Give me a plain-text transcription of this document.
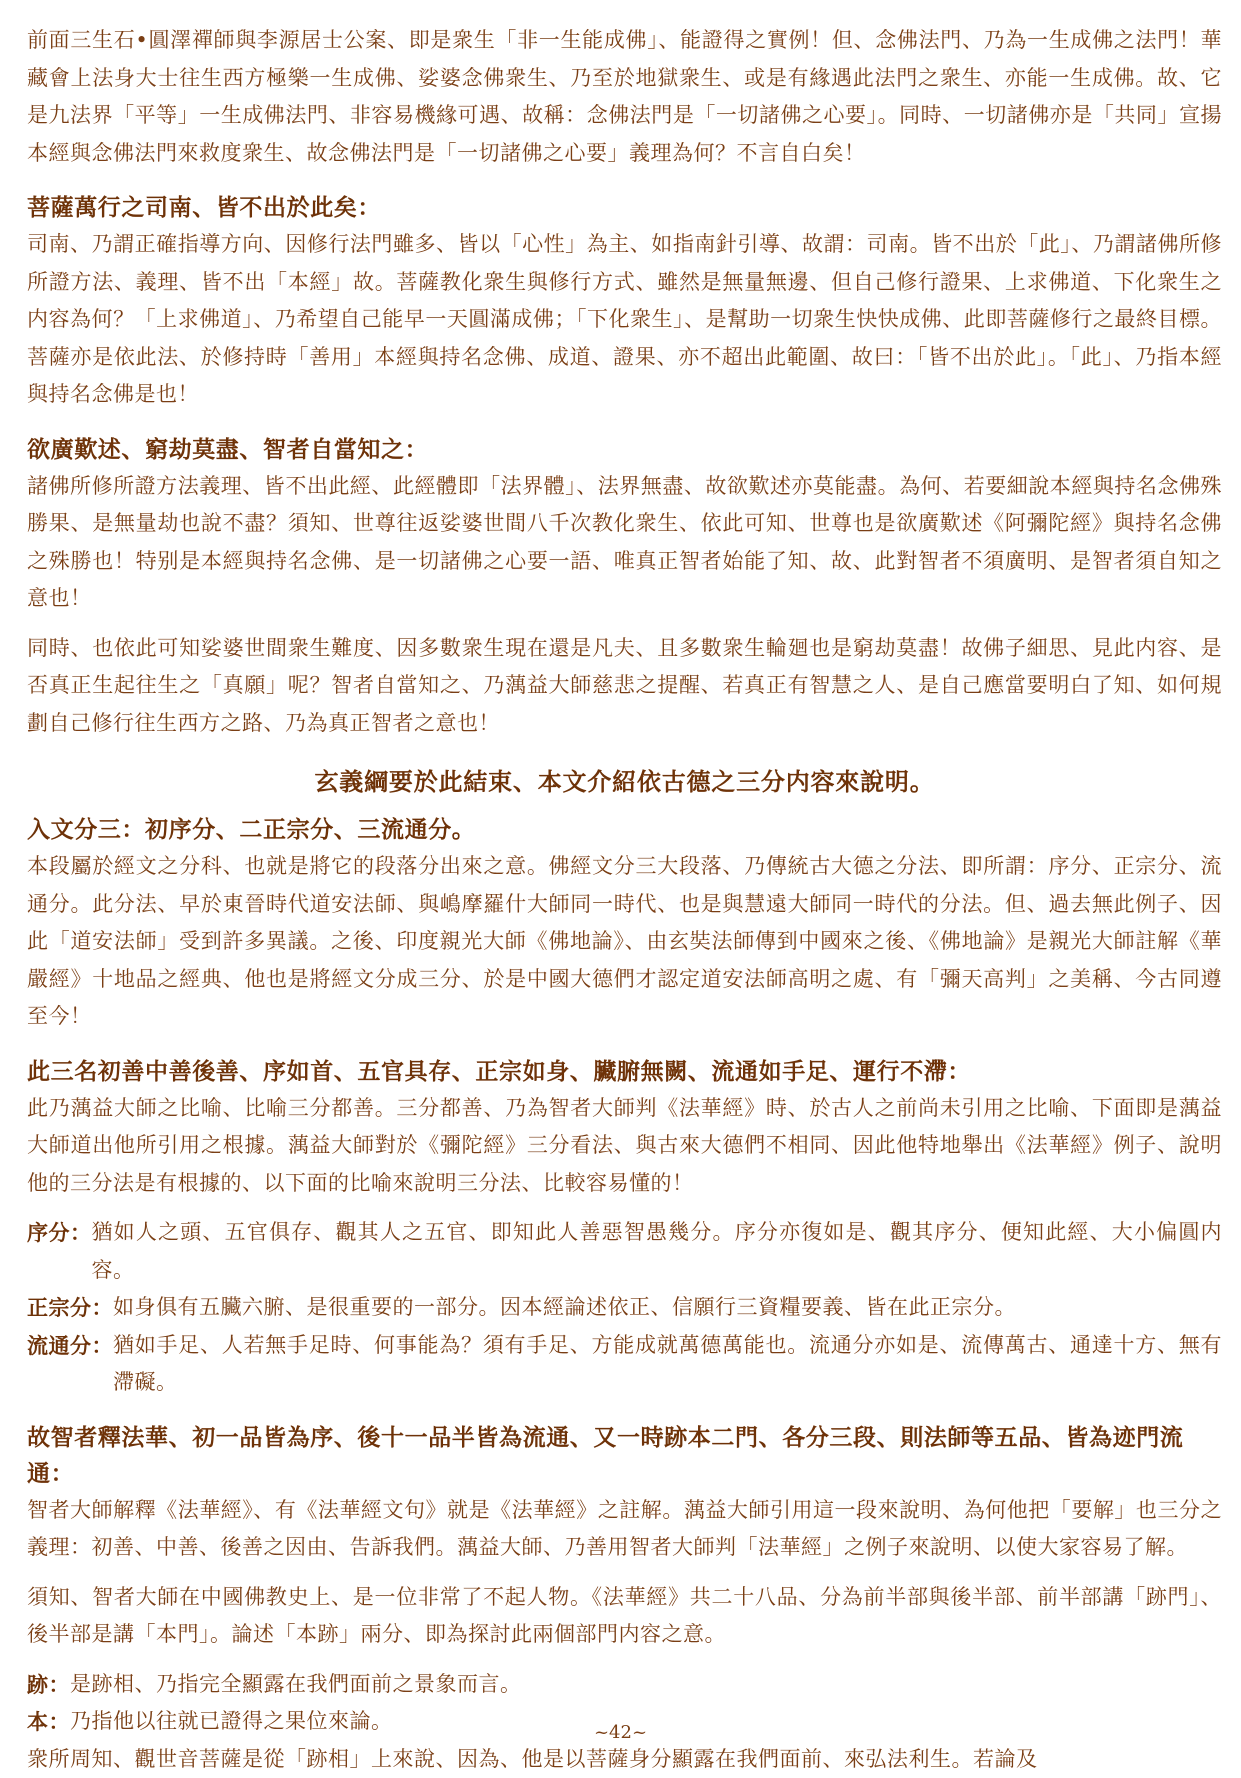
前面三生石•圓澤禪師與李源居士公案、即是衆生「非一生能成佛」、能證得之實例！但、念佛法門、乃為一生成佛之法門！華藏會上法身大士往生西方極樂一生成佛、娑婆念佛衆生、乃至於地獄衆生、或是有緣遇此法門之衆生、亦能一生成佛。故、它是九法界「平等」一生成佛法門、非容易機緣可遇、故稱：念佛法門是「一切諸佛之心要」。同時、一切諸佛亦是「共同」宣揚本經與念佛法門來救度衆生、故念佛法門是「一切諸佛之心要」義理為何？不言自白矣！

菩薩萬行之司南、皆不出於此矣：

司南、乃謂正確指導方向、因修行法門雖多、皆以「心性」為主、如指南針引導、故謂：司南。皆不出於「此」、乃謂諸佛所修所證方法、義理、皆不出「本經」故。菩薩教化衆生與修行方式、雖然是無量無邊、但自己修行證果、上求佛道、下化衆生之内容為何？「上求佛道」、乃希望自己能早一天圓滿成佛；「下化衆生」、是幫助一切衆生快快成佛、此即菩薩修行之最終目標。菩薩亦是依此法、於修持時「善用」本經與持名念佛、成道、證果、亦不超出此範圍、故曰：「皆不出於此」。「此」、乃指本經與持名念佛是也！

欲廣歎述、窮劫莫盡、智者自當知之：

諸佛所修所證方法義理、皆不出此經、此經體即「法界體」、法界無盡、故欲歎述亦莫能盡。為何、若要細說本經與持名念佛殊勝果、是無量劫也說不盡？須知、世尊往返娑婆世間八千次教化衆生、依此可知、世尊也是欲廣歎述《阿彌陀經》與持名念佛之殊勝也！特别是本經與持名念佛、是一切諸佛之心要一語、唯真正智者始能了知、故、此對智者不須廣明、是智者須自知之意也！

同時、也依此可知娑婆世間衆生難度、因多數衆生現在還是凡夫、且多數衆生輪廻也是窮劫莫盡！故佛子細思、見此内容、是否真正生起往生之「真願」呢？智者自當知之、乃蕅益大師慈悲之提醒、若真正有智慧之人、是自己應當要明白了知、如何規劃自己修行往生西方之路、乃為真正智者之意也！

玄義綱要於此結束、本文介紹依古德之三分内容來說明。

入文分三：初序分、二正宗分、三流通分。

本段屬於經文之分科、也就是將它的段落分出來之意。佛經文分三大段落、乃傳統古大德之分法、即所謂：序分、正宗分、流通分。此分法、早於東晉時代道安法師、與嶋摩羅什大師同一時代、也是與慧遠大師同一時代的分法。但、過去無此例子、因此「道安法師」受到許多異議。之後、印度親光大師《佛地論》、由玄奘法師傳到中國來之後、《佛地論》是親光大師註解《華嚴經》十地品之經典、他也是將經文分成三分、於是中國大德們才認定道安法師高明之處、有「彌天高判」之美稱、今古同遵至今！

此三名初善中善後善、序如首、五官具存、正宗如身、臟腑無闕、流通如手足、運行不滯：

此乃蕅益大師之比喻、比喻三分都善。三分都善、乃為智者大師判《法華經》時、於古人之前尚未引用之比喻、下面即是蕅益大師道出他所引用之根據。蕅益大師對於《彌陀經》三分看法、與古來大德們不相同、因此他特地舉出《法華經》例子、說明他的三分法是有根據的、以下面的比喻來說明三分法、比較容易懂的！

序分： 猶如人之頭、五官俱存、觀其人之五官、即知此人善惡智愚幾分。序分亦復如是、觀其序分、便知此經、大小偏圓内容。
正宗分： 如身俱有五臟六腑、是很重要的一部分。因本經論述依正、信願行三資糧要義、皆在此正宗分。
流通分： 猶如手足、人若無手足時、何事能為？須有手足、方能成就萬德萬能也。流通分亦如是、流傳萬古、通達十方、無有滯礙。

故智者釋法華、初一品皆為序、後十一品半皆為流通、又一時跡本二門、各分三段、則法師等五品、皆為迹門流通：

智者大師解釋《法華經》、有《法華經文句》就是《法華經》之註解。蕅益大師引用這一段來說明、為何他把「要解」也三分之義理：初善、中善、後善之因由、告訴我們。蕅益大師、乃善用智者大師判「法華經」之例子來說明、以使大家容易了解。

須知、智者大師在中國佛教史上、是一位非常了不起人物。《法華經》共二十八品、分為前半部與後半部、前半部講「跡門」、後半部是講「本門」。論述「本跡」兩分、即為探討此兩個部門内容之意。

跡： 是跡相、乃指完全顯露在我們面前之景象而言。
本： 乃指他以往就已證得之果位來論。

衆所周知、觀世音菩薩是從「跡相」上來說、因為、他是以菩薩身分顯露在我們面前、來弘法利生。若論及

~42~
